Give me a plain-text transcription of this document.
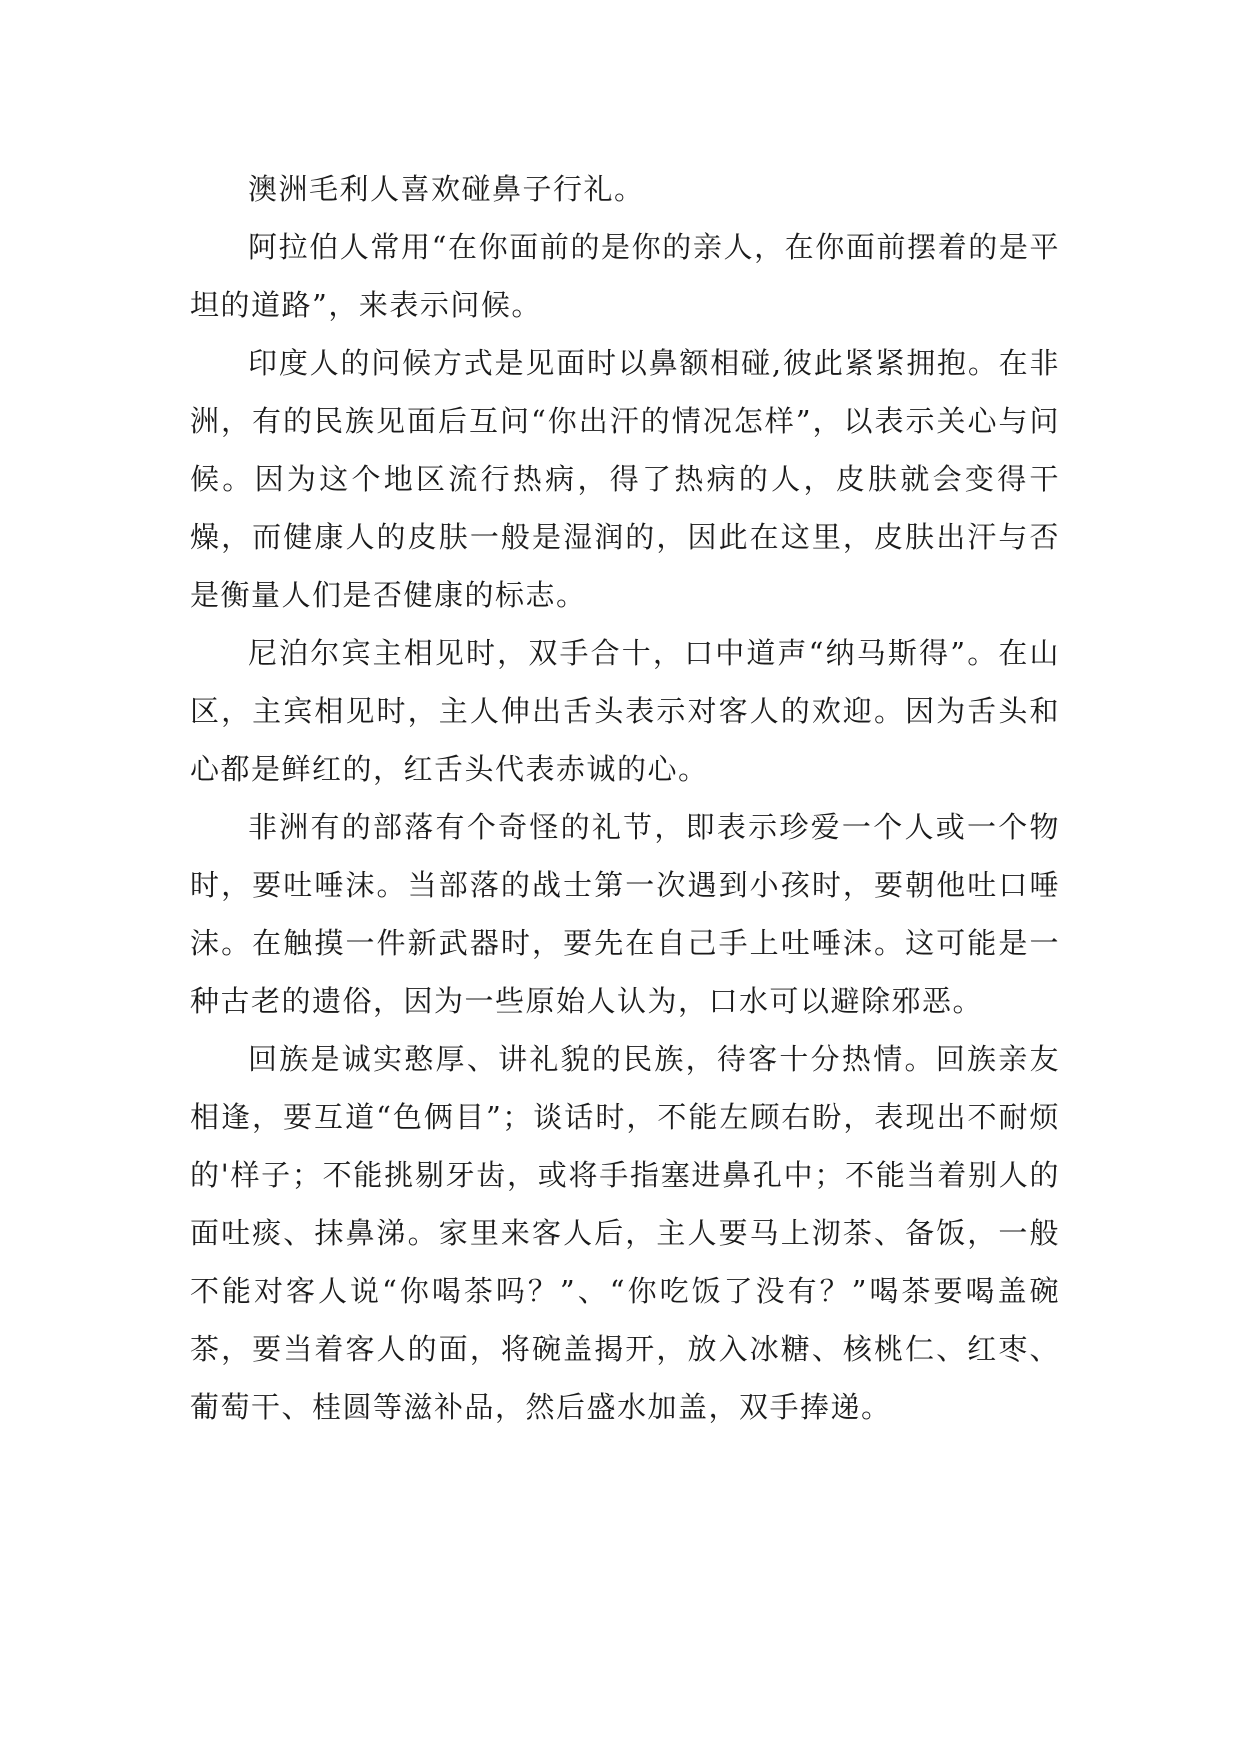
澳洲毛利人喜欢碰鼻子行礼。

阿拉伯人常用“在你面前的是你的亲人，在你面前摆着的是平坦的道路”，来表示问候。

印度人的问候方式是见面时以鼻额相碰,彼此紧紧拥抱。在非洲，有的民族见面后互问“你出汗的情况怎样”，以表示关心与问候。因为这个地区流行热病，得了热病的人，皮肤就会变得干燥，而健康人的皮肤一般是湿润的，因此在这里，皮肤出汗与否是衡量人们是否健康的标志。

尼泊尔宾主相见时，双手合十，口中道声“纳马斯得”。在山区，主宾相见时，主人伸出舌头表示对客人的欢迎。因为舌头和心都是鲜红的，红舌头代表赤诚的心。

非洲有的部落有个奇怪的礼节，即表示珍爱一个人或一个物时，要吐唾沫。当部落的战士第一次遇到小孩时，要朝他吐口唾沫。在触摸一件新武器时，要先在自己手上吐唾沫。这可能是一种古老的遗俗，因为一些原始人认为，口水可以避除邪恶。

回族是诚实憨厚、讲礼貌的民族，待客十分热情。回族亲友相逢，要互道“色俩目”；谈话时，不能左顾右盼，表现出不耐烦的'样子；不能挑剔牙齿，或将手指塞进鼻孔中；不能当着别人的面吐痰、抹鼻涕。家里来客人后，主人要马上沏茶、备饭，一般不能对客人说“你喝茶吗？”、“你吃饭了没有？”喝茶要喝盖碗茶，要当着客人的面，将碗盖揭开，放入冰糖、核桃仁、红枣、葡萄干、桂圆等滋补品，然后盛水加盖，双手捧递。
